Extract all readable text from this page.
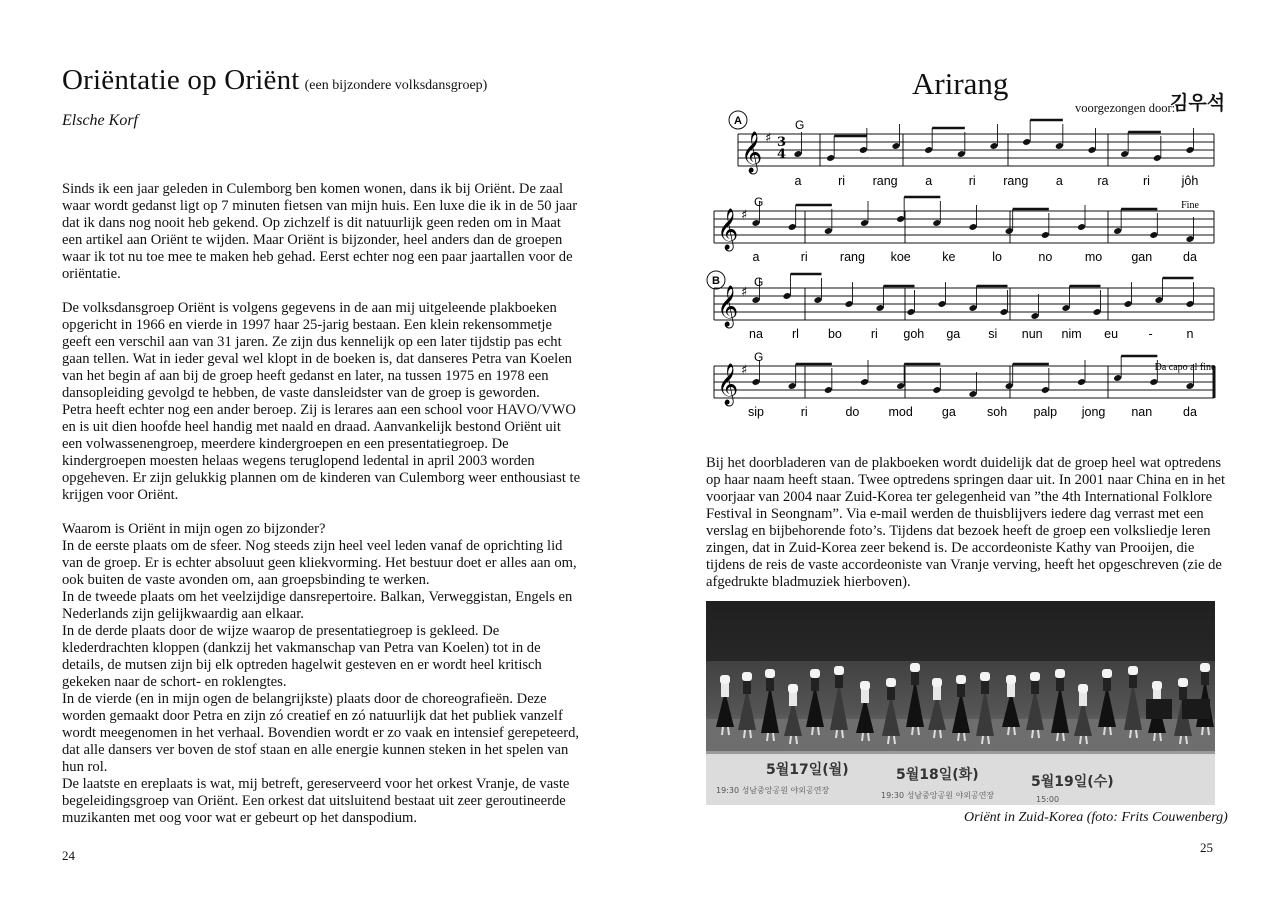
Oriëntatie op Oriënt (een bijzondere volksdansgroep)
Elsche Korf

Sinds ik een jaar geleden in Culemborg ben komen wonen, dans ik bij Oriënt. De zaal waar wordt gedanst ligt op 7 minuten fietsen van mijn huis. Een luxe die ik in de 50 jaar dat ik dans nog nooit heb gekend. Op zichzelf is dit natuurlijk geen reden om in Maat een artikel aan Oriënt te wijden. Maar Oriënt is bijzonder, heel anders dan de groepen waar ik tot nu toe mee te maken heb gehad. Eerst echter nog een paar jaartallen voor de oriëntatie.

De volksdansgroep Oriënt is volgens gegevens in de aan mij uitgeleende plakboeken opgericht in 1966 en vierde in 1997 haar 25-jarig bestaan. Een klein rekensommetje geeft een verschil aan van 31 jaren. Ze zijn dus kennelijk op een later tijdstip pas echt gaan tellen. Wat in ieder geval wel klopt in de boeken is, dat danseres Petra van Koelen van het begin af aan bij de groep heeft gedanst en later, na tussen 1975 en 1978 een dansopleiding gevolgd te hebben, de vaste dansleidster van de groep is geworden.

Petra heeft echter nog een ander beroep. Zij is lerares aan een school voor HAVO/VWO en is uit dien hoofde heel handig met naald en draad. Aanvankelijk bestond Oriënt uit een volwassenengroep, meerdere kindergroepen en een presentatiegroep. De kindergroepen moesten helaas wegens teruglopend ledental in april 2003 worden opgeheven. Er zijn gelukkig plannen om de kinderen van Culemborg weer enthousiast te krijgen voor Oriënt.

Waarom is Oriënt in mijn ogen zo bijzonder?

In de eerste plaats om de sfeer. Nog steeds zijn heel veel leden vanaf de oprichting lid van de groep. Er is echter absoluut geen kliekvorming. Het bestuur doet er alles aan om, ook buiten de vaste avonden om, aan groepsbinding te werken.

In de tweede plaats om het veelzijdige dansrepertoire. Balkan, Verweggistan, Engels en Nederlands zijn gelijkwaardig aan elkaar.

In de derde plaats door de wijze waarop de presentatiegroep is gekleed. De klederdrachten kloppen (dankzij het vakmanschap van Petra van Koelen) tot in de details, de mutsen zijn bij elk optreden hagelwit gesteven en er wordt heel kritisch gekeken naar de schort- en roklengtes.

In de vierde (en in mijn ogen de belangrijkste) plaats door de choreografieën. Deze worden gemaakt door Petra en zijn zó creatief en zó natuurlijk dat het publiek vanzelf wordt meegenomen in het verhaal. Bovendien wordt er zo vaak en intensief gerepeteerd, dat alle dansers ver boven de stof staan en alle energie kunnen steken in het spelen van hun rol.

De laatste en ereplaats is wat, mij betreft, gereserveerd voor het orkest Vranje, de vaste begeleidingsgroep van Oriënt. Een orkest dat uitsluitend bestaat uit zeer geroutineerde muzikanten met oog voor wat er gebeurt op het danspodium.

24
Arirang
voorgezongen door:
김우석
𝄞 ♯
𝄞 ♯
𝄞 ♯
𝄞 ♯
A
B
G
G
G
G
3
4
Fine
Da capo al fine
a	ri rang a	ri rang a	ra	ri	jôh
a	ri	rang koe	ke	lo	no	mo gan da
na rl bo ri goh ga si nun nim eu -	n
sip	ri	do mod ga soh palp jong nan da
Bij het doorbladeren van de plakboeken wordt duidelijk dat de groep heel wat optredens op haar naam heeft staan. Twee optredens springen daar uit. In 2001 naar China en in het voorjaar van 2004 naar Zuid-Korea ter gelegenheid van ”the 4th International Folklore Festival in Seongnam”. Via e-mail werden de thuisblijvers iedere dag verrast met een verslag en bijbehorende foto’s. Tijdens dat bezoek heeft de groep een volksliedje leren zingen, dat in Zuid-Korea zeer bekend is. De accordeoniste Kathy van Prooijen, die tijdens de reis de vaste accordeoniste van Vranje verving, heeft het opgeschreven (zie de afgedrukte bladmuziek hierboven).
5월17일(월)	5월18일(화)	5월19일(수)
19:30 성남중앙공원 야외공연장
19:30 성남중앙공원 야외공연장	15:00
Oriënt in Zuid-Korea (foto: Frits Couwenberg)
25
